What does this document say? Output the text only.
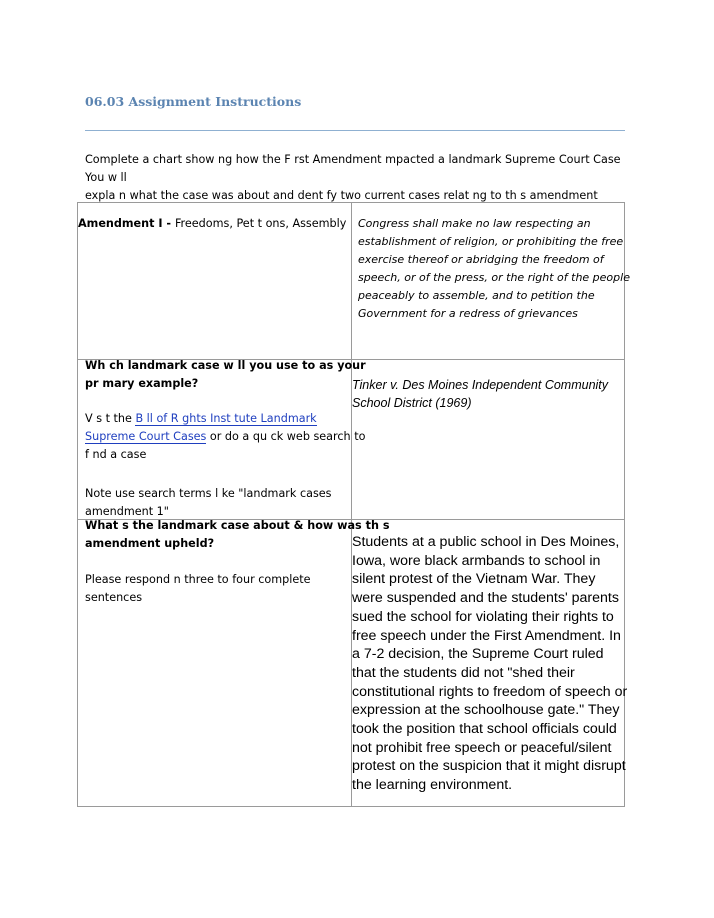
06.03 Assignment Instructions
Complete a chart show ng how the F rst Amendment mpacted a landmark Supreme Court Case You w ll
expla n what the case was about and dent fy two current cases relat ng to th s amendment
Amendment I - Freedoms, Pet t ons, Assembly Congress shall make no law respecting an
establishment of religion, or prohibiting the free
exercise thereof or abridging the freedom of
speech, or of the press, or the right of the people
peaceably to assemble, and to petition the
Government for a redress of grievances
Wh ch landmark case w ll you use to as your
pr mary example?
V s t the B ll of R ghts Inst tute Landmark
Supreme Court Cases or do a qu ck web search to
f nd a case
Note use search terms l ke "landmark cases
amendment 1"
Tinker v. Des Moines Independent Community
School District (1969)
What s the landmark case about & how was th s
amendment upheld?
Please respond n three to four complete
sentences
Students at a public school in Des Moines,
Iowa, wore black armbands to school in
silent protest of the Vietnam War. They
were suspended and the students' parents
sued the school for violating their rights to
free speech under the First Amendment. In
a 7-2 decision, the Supreme Court ruled
that the students did not "shed their
constitutional rights to freedom of speech or
expression at the schoolhouse gate." They
took the position that school officials could
not prohibit free speech or peaceful/silent
protest on the suspicion that it might disrupt
the learning environment.
